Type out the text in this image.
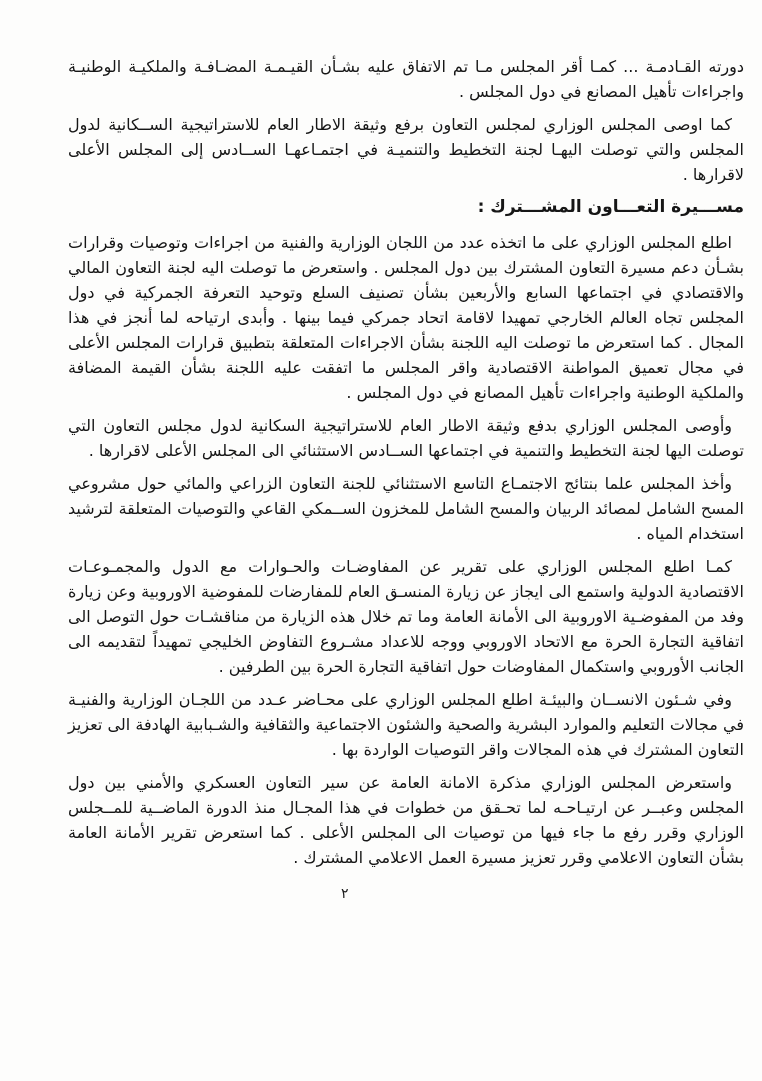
دورته القـادمـة ... كمـا أقر المجلس مـا تم الاتفاق عليه بشـأن القيـمـة المضـافـة والملكيـة الوطنيـة واجراءات تأهيل المصانع في دول المجلس .

كما اوصى المجلس الوزاري لمجلس التعاون برفع وثيقة الاطار العام للاستراتيجية الســكانية لدول المجلس والتي توصلت اليهـا لجنة التخطيط والتنميـة في اجتمـاعهـا الســادس إلى المجلس الأعلى لاقرارها .

مســـيرة التعـــاون المشـــترك :

اطلع المجلس الوزاري على ما اتخذه عدد من اللجان الوزارية والفنية من اجراءات وتوصيات وقرارات بشـأن دعم مسيرة التعاون المشترك بين دول المجلس . واستعرض ما توصلت اليه لجنة التعاون المالي والاقتصادي في اجتماعها السابع والأربعين بشأن تصنيف السلع وتوحيد التعرفة الجمركية في دول المجلس تجاه العالم الخارجي تمهيدا لاقامة اتحاد جمركي فيما بينها . وأبدى ارتياحه لما أنجز في هذا المجال . كما استعرض ما توصلت اليه اللجنة بشأن الاجراءات المتعلقة بتطبيق قرارات المجلس الأعلى في مجال تعميق المواطنة الاقتصادية واقر المجلس ما اتفقت عليه اللجنة بشأن القيمة المضافة والملكية الوطنية واجراءات تأهيل المصانع في دول المجلس .

وأوصى المجلس الوزاري بدفع وثيقة الاطار العام للاستراتيجية السكانية لدول مجلس التعاون التي توصلت اليها لجنة التخطيط والتنمية في اجتماعها الســادس الاستثنائي الى المجلس الأعلى لاقرارها .

وأخذ المجلس علما بنتائج الاجتمـاع التاسع الاستثنائي للجنة التعاون الزراعي والمائي حول مشروعي المسح الشامل لمصائد الربيان والمسح الشامل للمخزون الســمكي القاعي والتوصيات المتعلقة لترشيد استخدام المياه .

كمـا اطلع المجلس الوزاري على تقرير عن المفاوضـات والحـوارات مع الدول والمجمـوعـات الاقتصادية الدولية واستمع الى ايجاز عن زيارة المنسـق العام للمفارضات للمفوضية الاوروبية وعن زيارة وفد من المفوضـية الاوروبية الى الأمانة العامة وما تم خلال هذه الزيارة من مناقشـات حول التوصل الى اتفاقية التجارة الحرة مع الاتحاد الاوروبي ووجه للاعداد مشـروع التفاوض الخليجي تمهيداً لتقديمه الى الجانب الأوروبي واستكمال المفاوضات حول اتفاقية التجارة الحرة بين الطرفين .

وفي شـئون الانســان والبيئـة اطلع المجلس الوزاري على محـاضر عـدد من اللجـان الوزارية والفنيـة في مجالات التعليم والموارد البشرية والصحية والشئون الاجتماعية والثقافية والشـبابية الهادفة الى تعزيز التعاون المشترك في هذه المجالات واقر التوصيات الواردة بها .

واستعرض المجلس الوزاري مذكرة الامانة العامة عن سير التعاون العسكري والأمني بين دول المجلس وعبــر عن ارتيـاحـه لما تحـقق من خطوات في هذا المجـال منذ الدورة الماضــية للمــجلس الوزاري وقرر رفع ما جاء فيها من توصيات الى المجلس الأعلى . كما استعرض تقرير الأمانة العامة بشأن التعاون الاعلامي وقرر تعزيز مسيرة العمل الاعلامي المشترك .

٢
